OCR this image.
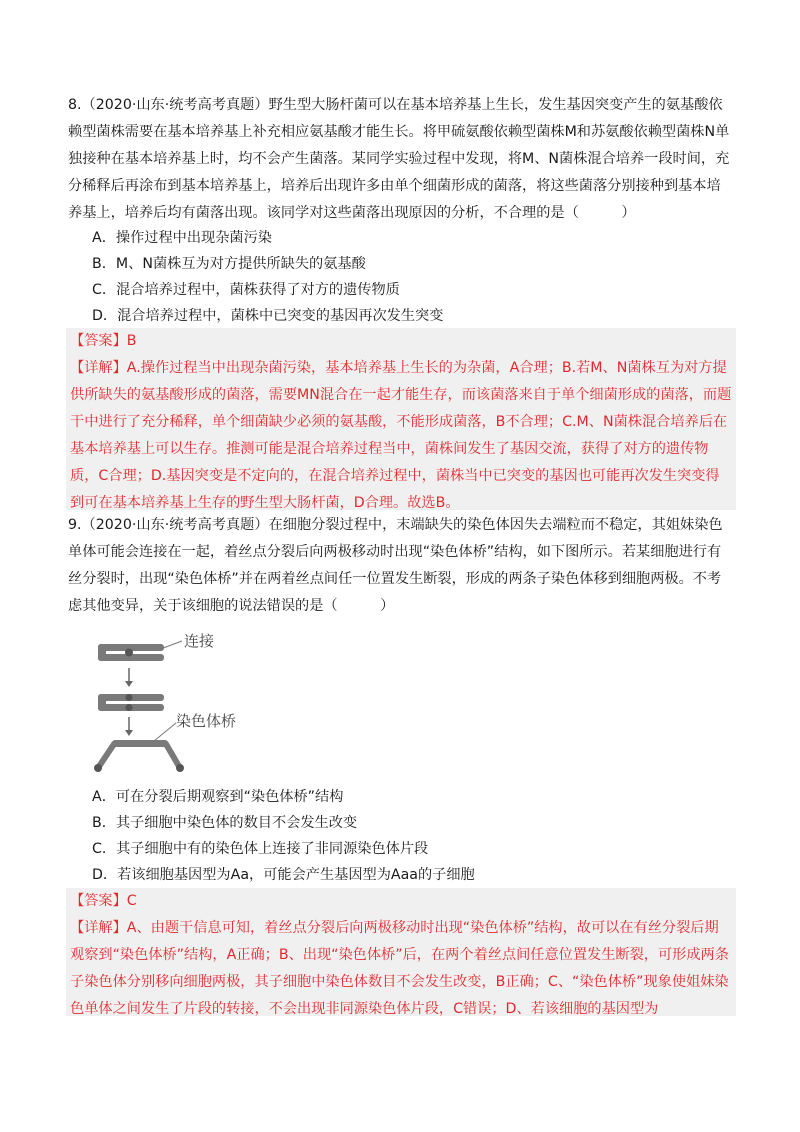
8.（2020·山东·统考高考真题）野生型大肠杆菌可以在基本培养基上生长，发生基因突变产生的氨基酸依赖型菌株需要在基本培养基上补充相应氨基酸才能生长。将甲硫氨酸依赖型菌株M和苏氨酸依赖型菌株N单独接种在基本培养基上时，均不会产生菌落。某同学实验过程中发现，将M、N菌株混合培养一段时间，充分稀释后再涂布到基本培养基上，培养后出现许多由单个细菌形成的菌落，将这些菌落分别接种到基本培养基上，培养后均有菌落出现。该同学对这些菌落出现原因的分析，不合理的是（　　　）

A．操作过程中出现杂菌污染
B．M、N菌株互为对方提供所缺失的氨基酸
C．混合培养过程中，菌株获得了对方的遗传物质
D．混合培养过程中，菌株中已突变的基因再次发生突变
【答案】B

【详解】A.操作过程当中出现杂菌污染，基本培养基上生长的为杂菌，A合理；B.若M、N菌株互为对方提供所缺失的氨基酸形成的菌落，需要MN混合在一起才能生存，而该菌落来自于单个细菌形成的菌落，而题干中进行了充分稀释，单个细菌缺少必须的氨基酸，不能形成菌落，B不合理；C.M、N菌株混合培养后在基本培养基上可以生存。推测可能是混合培养过程当中，菌株间发生了基因交流，获得了对方的遗传物质，C合理；D.基因突变是不定向的，在混合培养过程中，菌株当中已突变的基因也可能再次发生突变得到可在基本培养基上生存的野生型大肠杆菌，D合理。故选B。

9.（2020·山东·统考高考真题）在细胞分裂过程中，末端缺失的染色体因失去端粒而不稳定，其姐妹染色单体可能会连接在一起，着丝点分裂后向两极移动时出现“染色体桥”结构，如下图所示。若某细胞进行有丝分裂时，出现“染色体桥”并在两着丝点间任一位置发生断裂，形成的两条子染色体移到细胞两极。不考虑其他变异，关于该细胞的说法错误的是（　　　）

连接
染色体桥
A．可在分裂后期观察到“染色体桥”结构
B．其子细胞中染色体的数目不会发生改变
C．其子细胞中有的染色体上连接了非同源染色体片段
D．若该细胞基因型为Aa，可能会产生基因型为Aaa的子细胞
【答案】C

【详解】A、由题干信息可知，着丝点分裂后向两极移动时出现“染色体桥”结构，故可以在有丝分裂后期观察到“染色体桥”结构，A正确；B、出现“染色体桥”后，在两个着丝点间任意位置发生断裂，可形成两条子染色体分别移向细胞两极，其子细胞中染色体数目不会发生改变，B正确；C、“染色体桥”现象使姐妹染色单体之间发生了片段的转接，不会出现非同源染色体片段，C错误；D、若该细胞的基因型为
